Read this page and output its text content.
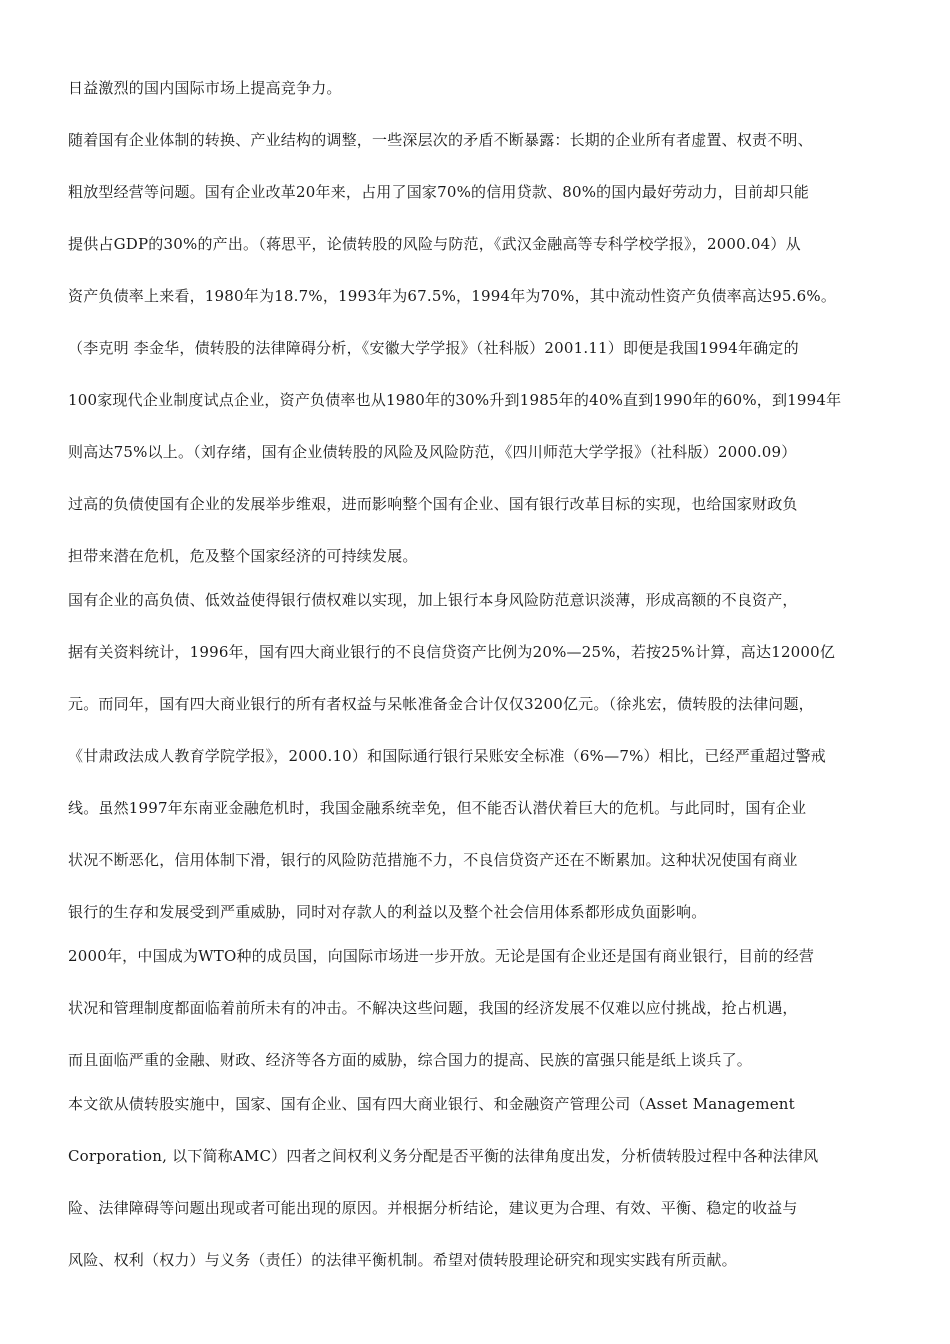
日益激烈的国内国际市场上提高竞争力。
随着国有企业体制的转换、产业结构的调整，一些深层次的矛盾不断暴露：长期的企业所有者虚置、权责不明、
粗放型经营等问题。国有企业改革20年来，占用了国家70%的信用贷款、80%的国内最好劳动力，目前却只能
提供占GDP的30%的产出。（蒋思平，论债转股的风险与防范，《武汉金融高等专科学校学报》，2000.04）从
资产负债率上来看，1980年为18.7%，1993年为67.5%，1994年为70%，其中流动性资产负债率高达95.6%。
（李克明 李金华，债转股的法律障碍分析，《安徽大学学报》（社科版）2001.11）即便是我国1994年确定的
100家现代企业制度试点企业，资产负债率也从1980年的30%升到1985年的40%直到1990年的60%，到1994年
则高达75%以上。（刘存绪，国有企业债转股的风险及风险防范，《四川师范大学学报》（社科版）2000.09）
过高的负债使国有企业的发展举步维艰，进而影响整个国有企业、国有银行改革目标的实现，也给国家财政负
担带来潜在危机，危及整个国家经济的可持续发展。
国有企业的高负债、低效益使得银行债权难以实现，加上银行本身风险防范意识淡薄，形成高额的不良资产，
据有关资料统计，1996年，国有四大商业银行的不良信贷资产比例为20%—25%，若按25%计算，高达12000亿
元。而同年，国有四大商业银行的所有者权益与呆帐准备金合计仅仅3200亿元。（徐兆宏，债转股的法律问题，
《甘肃政法成人教育学院学报》，2000.10）和国际通行银行呆账安全标准（6%—7%）相比，已经严重超过警戒
线。虽然1997年东南亚金融危机时，我国金融系统幸免，但不能否认潜伏着巨大的危机。与此同时，国有企业
状况不断恶化，信用体制下滑，银行的风险防范措施不力，不良信贷资产还在不断累加。这种状况使国有商业
银行的生存和发展受到严重威胁，同时对存款人的利益以及整个社会信用体系都形成负面影响。
2000年，中国成为WTO种的成员国，向国际市场进一步开放。无论是国有企业还是国有商业银行，目前的经营
状况和管理制度都面临着前所未有的冲击。不解决这些问题，我国的经济发展不仅难以应付挑战，抢占机遇，
而且面临严重的金融、财政、经济等各方面的威胁，综合国力的提高、民族的富强只能是纸上谈兵了。
本文欲从债转股实施中，国家、国有企业、国有四大商业银行、和金融资产管理公司（Asset Management
Corporation, 以下简称AMC）四者之间权利义务分配是否平衡的法律角度出发，分析债转股过程中各种法律风
险、法律障碍等问题出现或者可能出现的原因。并根据分析结论，建议更为合理、有效、平衡、稳定的收益与
风险、权利（权力）与义务（责任）的法律平衡机制。希望对债转股理论研究和现实实践有所贡献。
